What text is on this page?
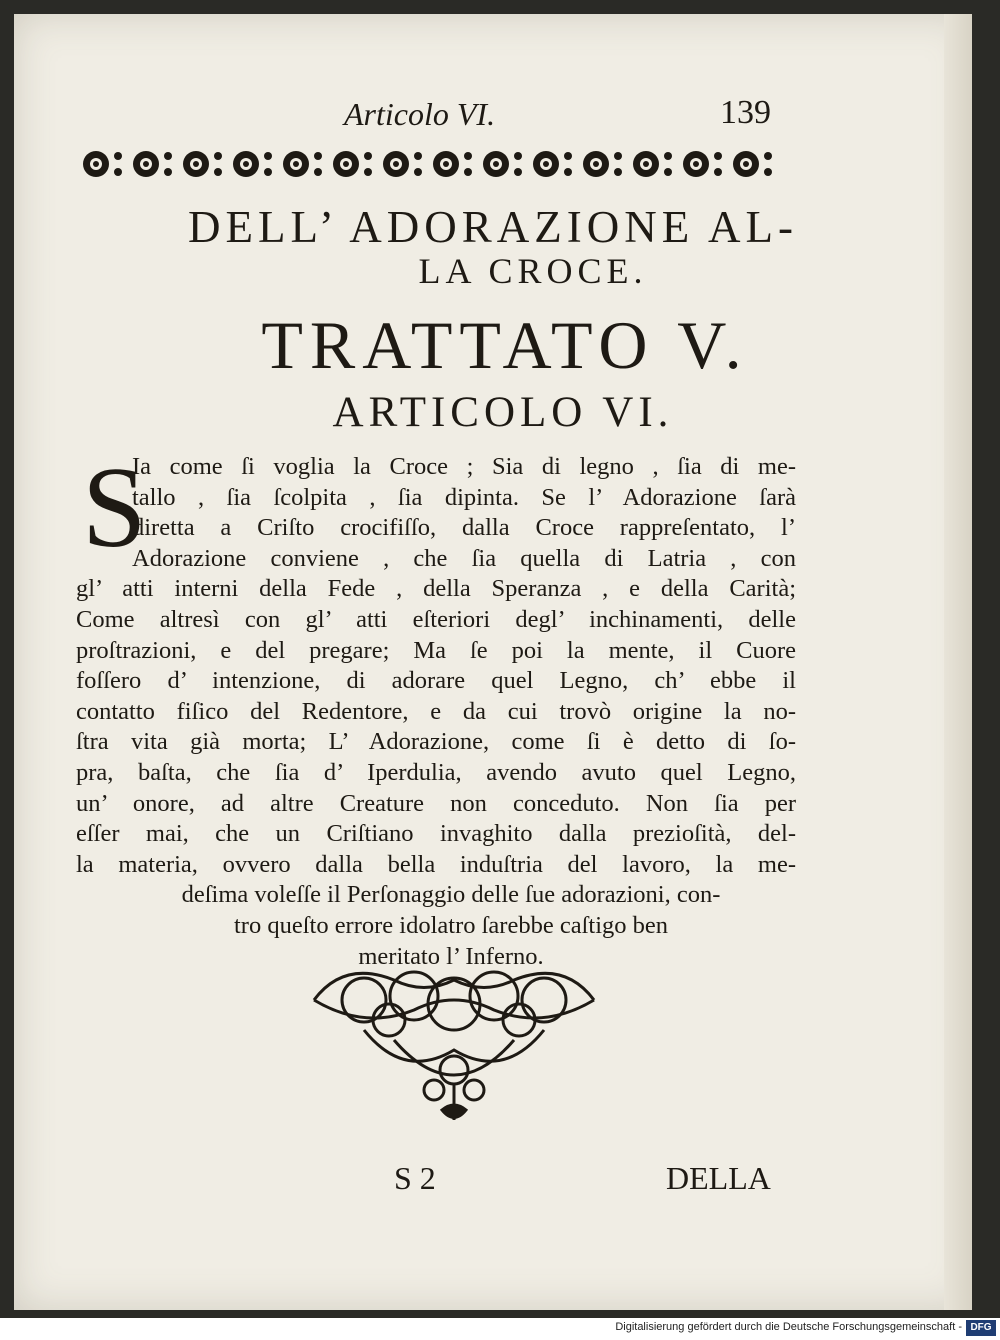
Articolo VI.	139
DELL’ ADORAZIONE AL-
LA CROCE.
TRATTATO V.
ARTICOLO VI.
S
Ia come ſi voglia la Croce ; Sia di legno , ſia di me-
tallo , ſia ſcolpita , ſia dipinta. Se l’ Adorazione ſarà
diretta a Criſto crocifiſſo, dalla Croce rappreſentato, l’
Adorazione conviene , che ſia quella di Latria , con
gl’ atti interni della Fede , della Speranza , e della Carità;
Come altresì con gl’ atti eſteriori degl’ inchinamenti, delle
proſtrazioni, e del pregare; Ma ſe poi la mente, il Cuore
foſſero d’ intenzione, di adorare quel Legno, ch’ ebbe il
contatto fiſico del Redentore, e da cui trovò origine la no-
ſtra vita già morta; L’ Adorazione, come ſi è detto di ſo-
pra, baſta, che ſia d’ Iperdulia, avendo avuto quel Legno,
un’ onore, ad altre Creature non conceduto. Non ſia per
eſſer mai, che un Criſtiano invaghito dalla prezioſità, del-
la materia, ovvero dalla bella induſtria del lavoro, la me-
deſima voleſſe il Perſonaggio delle ſue adorazioni, con-
tro queſto errore idolatro ſarebbe caſtigo ben
meritato l’ Inferno.
S 2	DELLA
Digitalisierung gefördert durch die Deutsche Forschungsgemeinschaft - DFG
